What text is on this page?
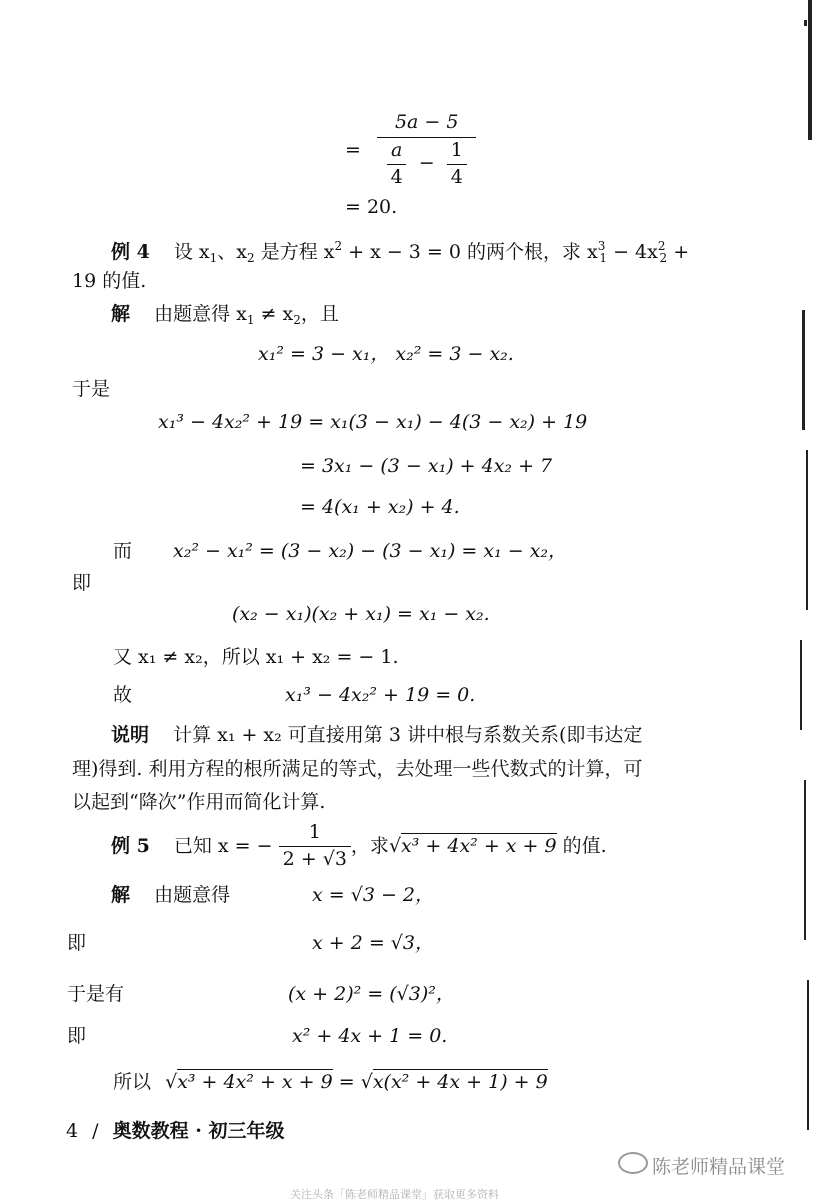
=
5a − 5
$\frac{a}{4} - \frac{1}{4}$
= 20.
例 4 设 $x_1$、$x_2$ 是方程 $x^2 + x - 3 = 0$ 的两个根，求 $x^3_1 - 4x^2_2$ +
19 的值.
解 由题意得 $x_1 \ne x_2$，且
x₁² = 3 − x₁， x₂² = 3 − x₂.
于是
x₁³ − 4x₂² + 19 = x₁(3 − x₁) − 4(3 − x₂) + 19
= 3x₁ − (3 − x₁) + 4x₂ + 7
= 4(x₁ + x₂) + 4.
而 x₂² − x₁² = (3 − x₂) − (3 − x₁) = x₁ − x₂，
即
(x₂ − x₁)(x₂ + x₁) = x₁ − x₂.
又 x₁ ≠ x₂，所以 x₁ + x₂ = − 1.
故	x₁³ − 4x₂² + 19 = 0.
说明 计算 x₁ + x₂ 可直接用第 3 讲中根与系数关系(即韦达定
理)得到. 利用方程的根所满足的等式，去处理一些代数式的计算，可
以起到“降次”作用而简化计算.
例 5 已知 x = − $\frac{1}{2 + √3}$ ，求√x³ + 4x² + x + 9 的值.
解 由题意得	x = √3 − 2，
即	x + 2 = √3，
于是有	(x + 2)² = (√3)²，
即	x² + 4x + 1 = 0.
所以 √x³ + 4x² + x + 9 = √x(x² + 4x + 1) + 9
4 / 奥数教程 · 初三年级
陈老师精品课堂
关注头条「陈老师精品课堂」获取更多资料
